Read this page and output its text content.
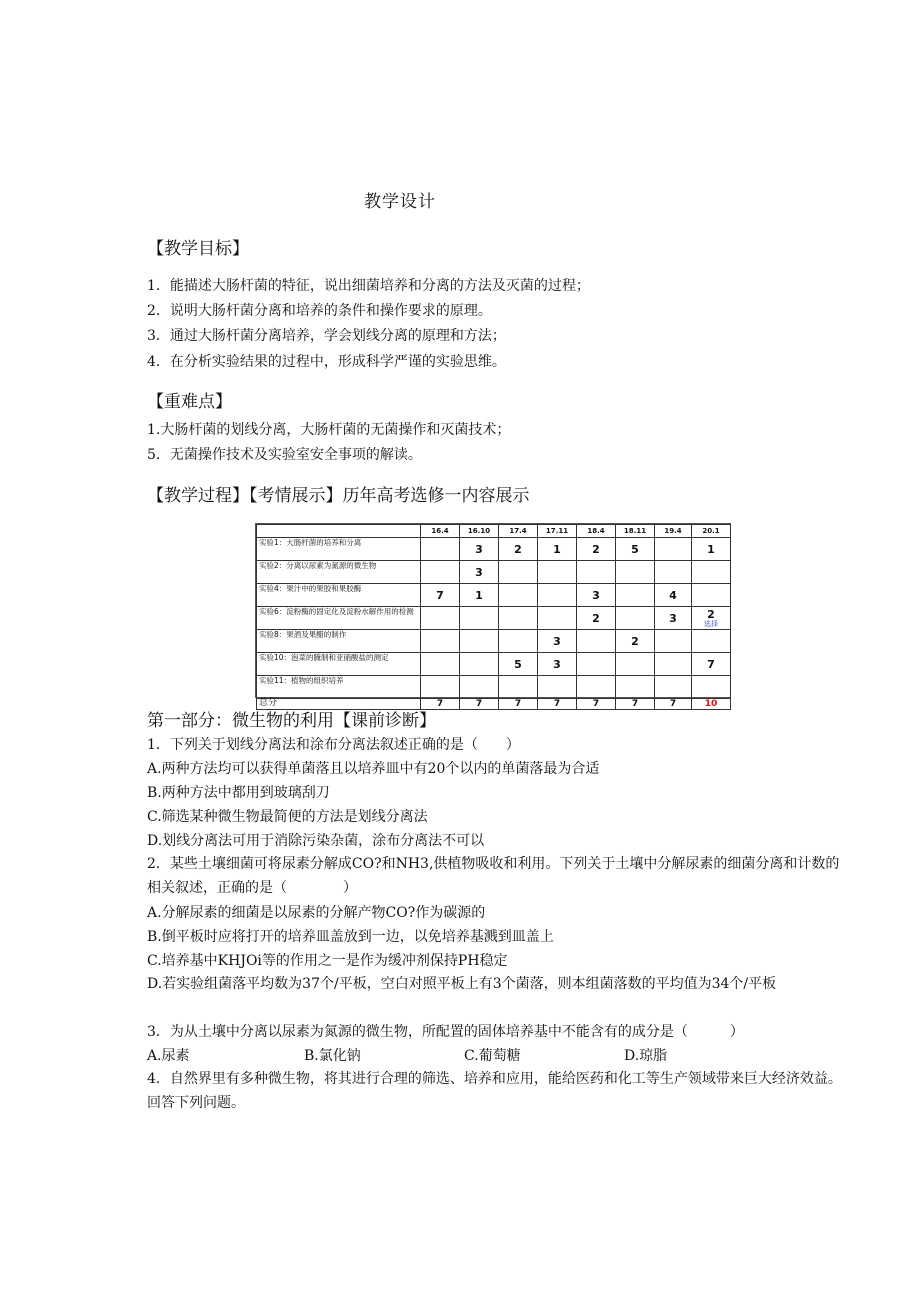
教学设计
【教学目标】
1．能描述大肠杆菌的特征，说出细菌培养和分离的方法及灭菌的过程；
2．说明大肠杆菌分离和培养的条件和操作要求的原理。
3．通过大肠杆菌分离培养，学会划线分离的原理和方法；
4．在分析实验结果的过程中，形成科学严谨的实验思维。
【重难点】
1.大肠杆菌的划线分离，大肠杆菌的无菌操作和灭菌技术；
5．无菌操作技术及实验室安全事项的解读。
【教学过程】【考情展示】历年高考选修一内容展示
	16.4	16.10	17.4	17.11	18.4	18.11	19.4	20.1
实验1：大肠杆菌的培养和分离		3	2	1	2	5		1
实验2：分离以尿素为氮源的微生物		3						
实验4：果汁中的果胶和果胶酶	7	1			3		4	
实验6：淀粉酶的固定化及淀粉水解作用的检测					2		3	2
选择

实验8：果酒及果醋的制作				3		2		
实验10：泡菜的腌制和亚硝酸盐的测定			5	3				7
实验11：植物的组织培养								
总分	7	7	7	7	7	7	7	10
第一部分：微生物的利用【课前诊断】
1．下列关于划线分离法和涂布分离法叙述正确的是（　　）
A.两种方法均可以获得单菌落且以培养皿中有20个以内的单菌落最为合适
B.两种方法中都用到玻璃刮刀
C.筛选某种微生物最简便的方法是划线分离法
D.划线分离法可用于消除污染杂菌，涂布分离法不可以
2．某些土壤细菌可将尿素分解成CO?和NH3,供植物吸收和利用。下列关于土壤中分解尿素的细菌分离和计数的相关叙述，正确的是（　　　　）
A.分解尿素的细菌是以尿素的分解产物CO?作为碳源的
B.倒平板时应将打开的培养皿盖放到一边，以免培养基溅到皿盖上
C.培养基中KHJOi等的作用之一是作为缓冲剂保持PH稳定
D.若实验组菌落平均数为37个/平板，空白对照平板上有3个菌落，则本组菌落数的平均值为34个/平板
3．为从土壤中分离以尿素为氮源的微生物，所配置的固体培养基中不能含有的成分是（　　　）
A.尿素	B.氯化钠	C.葡萄糖	D.琼脂
4．自然界里有多种微生物，将其进行合理的筛选、培养和应用，能给医药和化工等生产领域带来巨大经济效益。回答下列问题。
